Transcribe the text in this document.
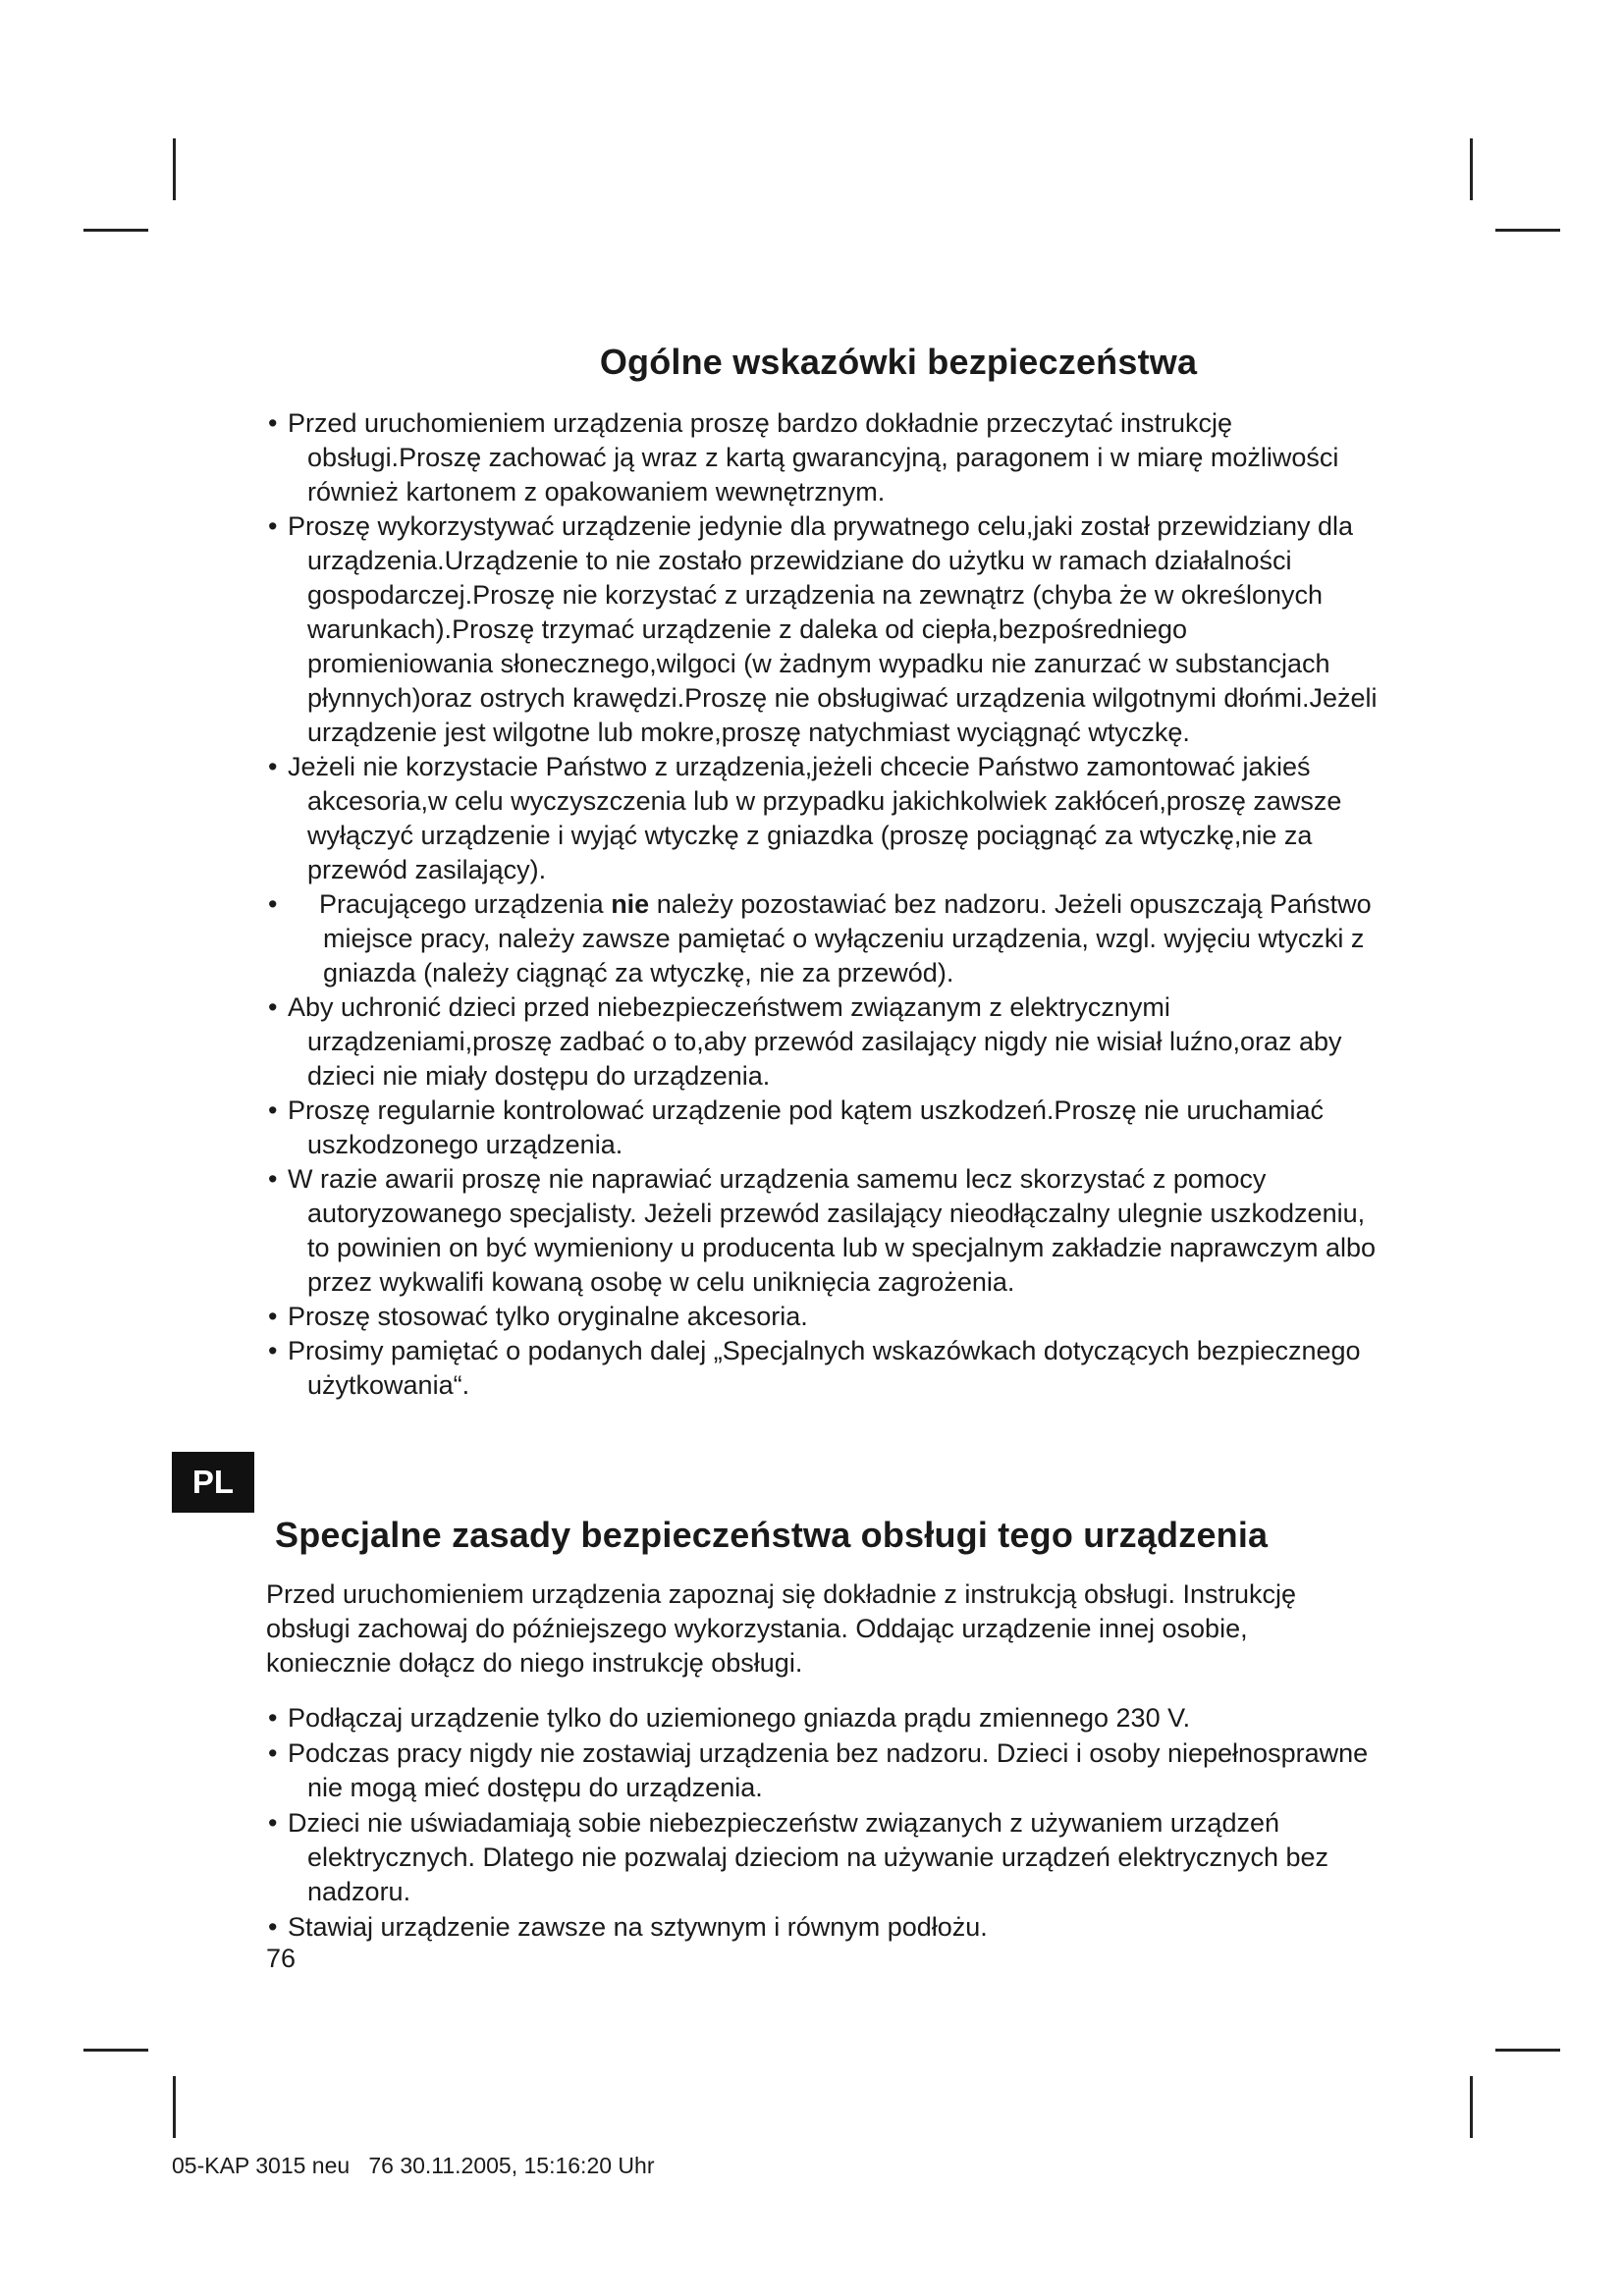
Ogólne wskazówki bezpieczeństwa
• Przed uruchomieniem urządzenia proszę bardzo dokładnie przeczytać instrukcję obsługi.Proszę zachować ją wraz z kartą gwarancyjną, paragonem i w miarę możliwości również kartonem z opakowaniem wewnętrznym.
• Proszę wykorzystywać urządzenie jedynie dla prywatnego celu,jaki został przewidziany dla urządzenia.Urządzenie to nie zostało przewidziane do użytku w ramach działalności gospodarczej.Proszę nie korzystać z urządzenia na zewnątrz (chyba że w określonych warunkach).Proszę trzymać urządzenie z daleka od ciepła,bezpośredniego promieniowania słonecznego,wilgoci (w żadnym wypadku nie zanurzać w substancjach płynnych)oraz ostrych krawędzi.Proszę nie obsługiwać urządzenia wilgotnymi dłońmi.Jeżeli urządzenie jest wilgotne lub mokre,proszę natychmiast wyciągnąć wtyczkę.
• Jeżeli nie korzystacie Państwo z urządzenia,jeżeli chcecie Państwo zamontować jakieś akcesoria,w celu wyczyszczenia lub w przypadku jakichkolwiek zakłóceń,proszę zawsze wyłączyć urządzenie i wyjąć wtyczkę z gniazdka (proszę pociągnąć za wtyczkę,nie za przewód zasilający).
•	Pracującego urządzenia nie należy pozostawiać bez nadzoru. Jeżeli opuszczają Państwo miejsce pracy, należy zawsze pamiętać o wyłączeniu urządzenia, wzgl. wyjęciu wtyczki z gniazda (należy ciągnąć za wtyczkę, nie za przewód).
• Aby uchronić dzieci przed niebezpieczeństwem związanym z elektrycznymi urządzeniami,proszę zadbać o to,aby przewód zasilający nigdy nie wisiał luźno,oraz aby dzieci nie miały dostępu do urządzenia.
• Proszę regularnie kontrolować urządzenie pod kątem uszkodzeń.Proszę nie uruchamiać uszkodzonego urządzenia.
• W razie awarii proszę nie naprawiać urządzenia samemu lecz skorzystać z pomocy autoryzowanego specjalisty. Jeżeli przewód zasilający nieodłączalny ulegnie uszkodzeniu, to powinien on być wymieniony u producenta lub w specjalnym zakładzie naprawczym albo przez wykwalifi kowaną osobę w celu uniknięcia zagrożenia.
• Proszę stosować tylko oryginalne akcesoria.
• Prosimy pamiętać o podanych dalej „Specjalnych wskazówkach dotyczących bezpiecznego użytkowania“.
PL
Specjalne zasady bezpieczeństwa obsługi tego urządzenia

Przed uruchomieniem urządzenia zapoznaj się dokładnie z instrukcją obsługi. Instrukcję obsługi zachowaj do późniejszego wykorzystania. Oddając urządzenie innej osobie, koniecznie dołącz do niego instrukcję obsługi.

• Podłączaj urządzenie tylko do uziemionego gniazda prądu zmiennego 230 V.
• Podczas pracy nigdy nie zostawiaj urządzenia bez nadzoru. Dzieci i osoby niepełnosprawne nie mogą mieć dostępu do urządzenia.
• Dzieci nie uświadamiają sobie niebezpieczeństw związanych z używaniem urządzeń elektrycznych. Dlatego nie pozwalaj dzieciom na używanie urządzeń elektrycznych bez nadzoru.
• Stawiaj urządzenie zawsze na sztywnym i równym podłożu.
76
05-KAP 3015 neu   76 30.11.2005, 15:16:20 Uhr
